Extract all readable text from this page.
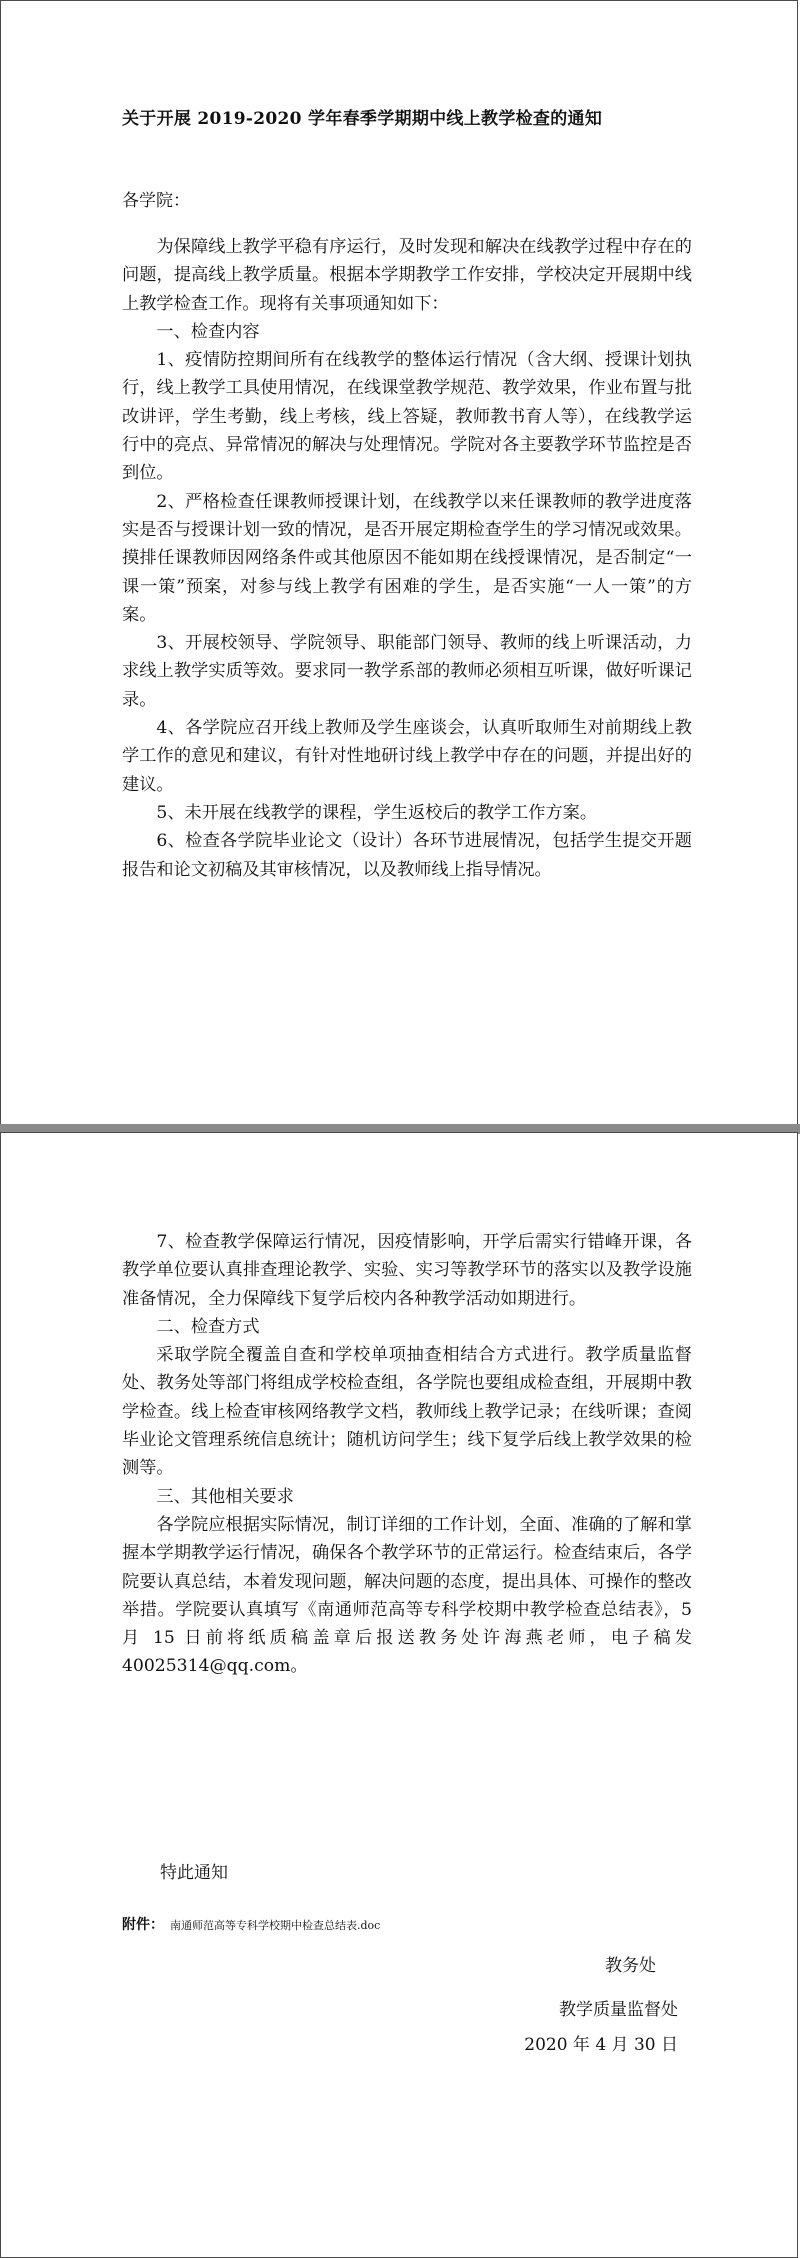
关于开展 2019-2020 学年春季学期期中线上教学检查的通知
各学院：

为保障线上教学平稳有序运行，及时发现和解决在线教学过程中存在的问题，提高线上教学质量。根据本学期教学工作安排，学校决定开展期中线上教学检查工作。现将有关事项通知如下：

一、检查内容

1、疫情防控期间所有在线教学的整体运行情况（含大纲、授课计划执行，线上教学工具使用情况，在线课堂教学规范、教学效果，作业布置与批改讲评，学生考勤，线上考核，线上答疑，教师教书育人等），在线教学运行中的亮点、异常情况的解决与处理情况。学院对各主要教学环节监控是否到位。

2、严格检查任课教师授课计划，在线教学以来任课教师的教学进度落实是否与授课计划一致的情况，是否开展定期检查学生的学习情况或效果。摸排任课教师因网络条件或其他原因不能如期在线授课情况，是否制定“一课一策”预案，对参与线上教学有困难的学生，是否实施“一人一策”的方案。

3、开展校领导、学院领导、职能部门领导、教师的线上听课活动，力求线上教学实质等效。要求同一教学系部的教师必须相互听课，做好听课记录。

4、各学院应召开线上教师及学生座谈会，认真听取师生对前期线上教学工作的意见和建议，有针对性地研讨线上教学中存在的问题，并提出好的建议。

5、未开展在线教学的课程，学生返校后的教学工作方案。

6、检查各学院毕业论文（设计）各环节进展情况，包括学生提交开题报告和论文初稿及其审核情况，以及教师线上指导情况。

7、检查教学保障运行情况，因疫情影响，开学后需实行错峰开课，各教学单位要认真排查理论教学、实验、实习等教学环节的落实以及教学设施准备情况，全力保障线下复学后校内各种教学活动如期进行。

二、检查方式

采取学院全覆盖自查和学校单项抽查相结合方式进行。教学质量监督处、教务处等部门将组成学校检查组，各学院也要组成检查组，开展期中教学检查。线上检查审核网络教学文档，教师线上教学记录；在线听课；查阅毕业论文管理系统信息统计；随机访问学生；线下复学后线上教学效果的检测等。

三、其他相关要求

各学院应根据实际情况，制订详细的工作计划，全面、准确的了解和掌握本学期教学运行情况，确保各个教学环节的正常运行。检查结束后，各学院要认真总结，本着发现问题，解决问题的态度，提出具体、可操作的整改举措。学院要认真填写《南通师范高等专科学校期中教学检查总结表》，5 月 15 日前将纸质稿盖章后报送教务处许海燕老师，电子稿发 40025314@qq.com。

特此通知
附件： 南通师范高等专科学校期中检查总结表.doc
教务处
教学质量监督处
2020 年 4 月 30 日
